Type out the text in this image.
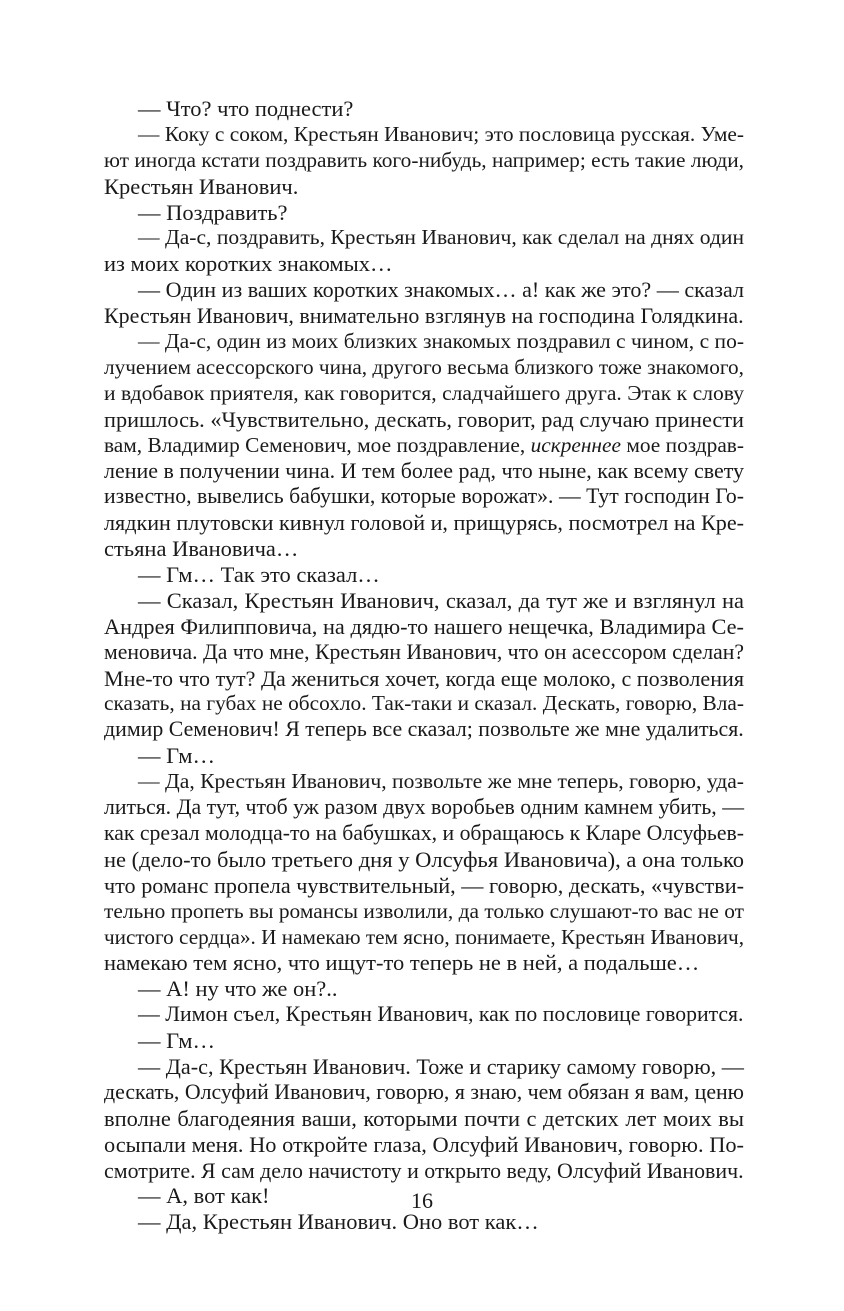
— Что? что поднести?
— Коку с соком, Крестьян Иванович; это пословица русская. Уме-
ют иногда кстати поздравить кого-нибудь, например; есть такие люди,
Крестьян Иванович.
— Поздравить?
— Да-с, поздравить, Крестьян Иванович, как сделал на днях один
из моих коротких знакомых…
— Один из ваших коротких знакомых… а! как же это? — сказал
Крестьян Иванович, внимательно взглянув на господина Голядкина.
— Да-с, один из моих близких знакомых поздравил с чином, с по-
лучением асессорского чина, другого весьма близкого тоже знакомого,
и вдобавок приятеля, как говорится, сладчайшего друга. Этак к слову
пришлось. «Чувствительно, дескать, говорит, рад случаю принести
вам, Владимир Семенович, мое поздравление, искреннее мое поздрав-
ление в получении чина. И тем более рад, что ныне, как всему свету
известно, вывелись бабушки, которые ворожат». — Тут господин Го-
лядкин плутовски кивнул головой и, прищурясь, посмотрел на Кре-
стьяна Ивановича…
— Гм… Так это сказал…
— Сказал, Крестьян Иванович, сказал, да тут же и взглянул на
Андрея Филипповича, на дядю-то нашего нещечка, Владимира Се-
меновича. Да что мне, Крестьян Иванович, что он асессором сделан?
Мне-то что тут? Да жениться хочет, когда еще молоко, с позволения
сказать, на губах не обсохло. Так-таки и сказал. Дескать, говорю, Вла-
димир Семенович! Я теперь все сказал; позвольте же мне удалиться.
— Гм…
— Да, Крестьян Иванович, позвольте же мне теперь, говорю, уда-
литься. Да тут, чтоб уж разом двух воробьев одним камнем убить, —
как срезал молодца-то на бабушках, и обращаюсь к Кларе Олсуфьев-
не (дело-то было третьего дня у Олсуфья Ивановича), а она только
что романс пропела чувствительный, — говорю, дескать, «чувстви-
тельно пропеть вы романсы изволили, да только слушают-то вас не от
чистого сердца». И намекаю тем ясно, понимаете, Крестьян Иванович,
намекаю тем ясно, что ищут-то теперь не в ней, а подальше…
— А! ну что же он?..
— Лимон съел, Крестьян Иванович, как по пословице говорится.
— Гм…
— Да-с, Крестьян Иванович. Тоже и старику самому говорю, —
дескать, Олсуфий Иванович, говорю, я знаю, чем обязан я вам, ценю
вполне благодеяния ваши, которыми почти с детских лет моих вы
осыпали меня. Но откройте глаза, Олсуфий Иванович, говорю. По-
смотрите. Я сам дело начистоту и открыто веду, Олсуфий Иванович.
— А, вот как!
— Да, Крестьян Иванович. Оно вот как…
16
